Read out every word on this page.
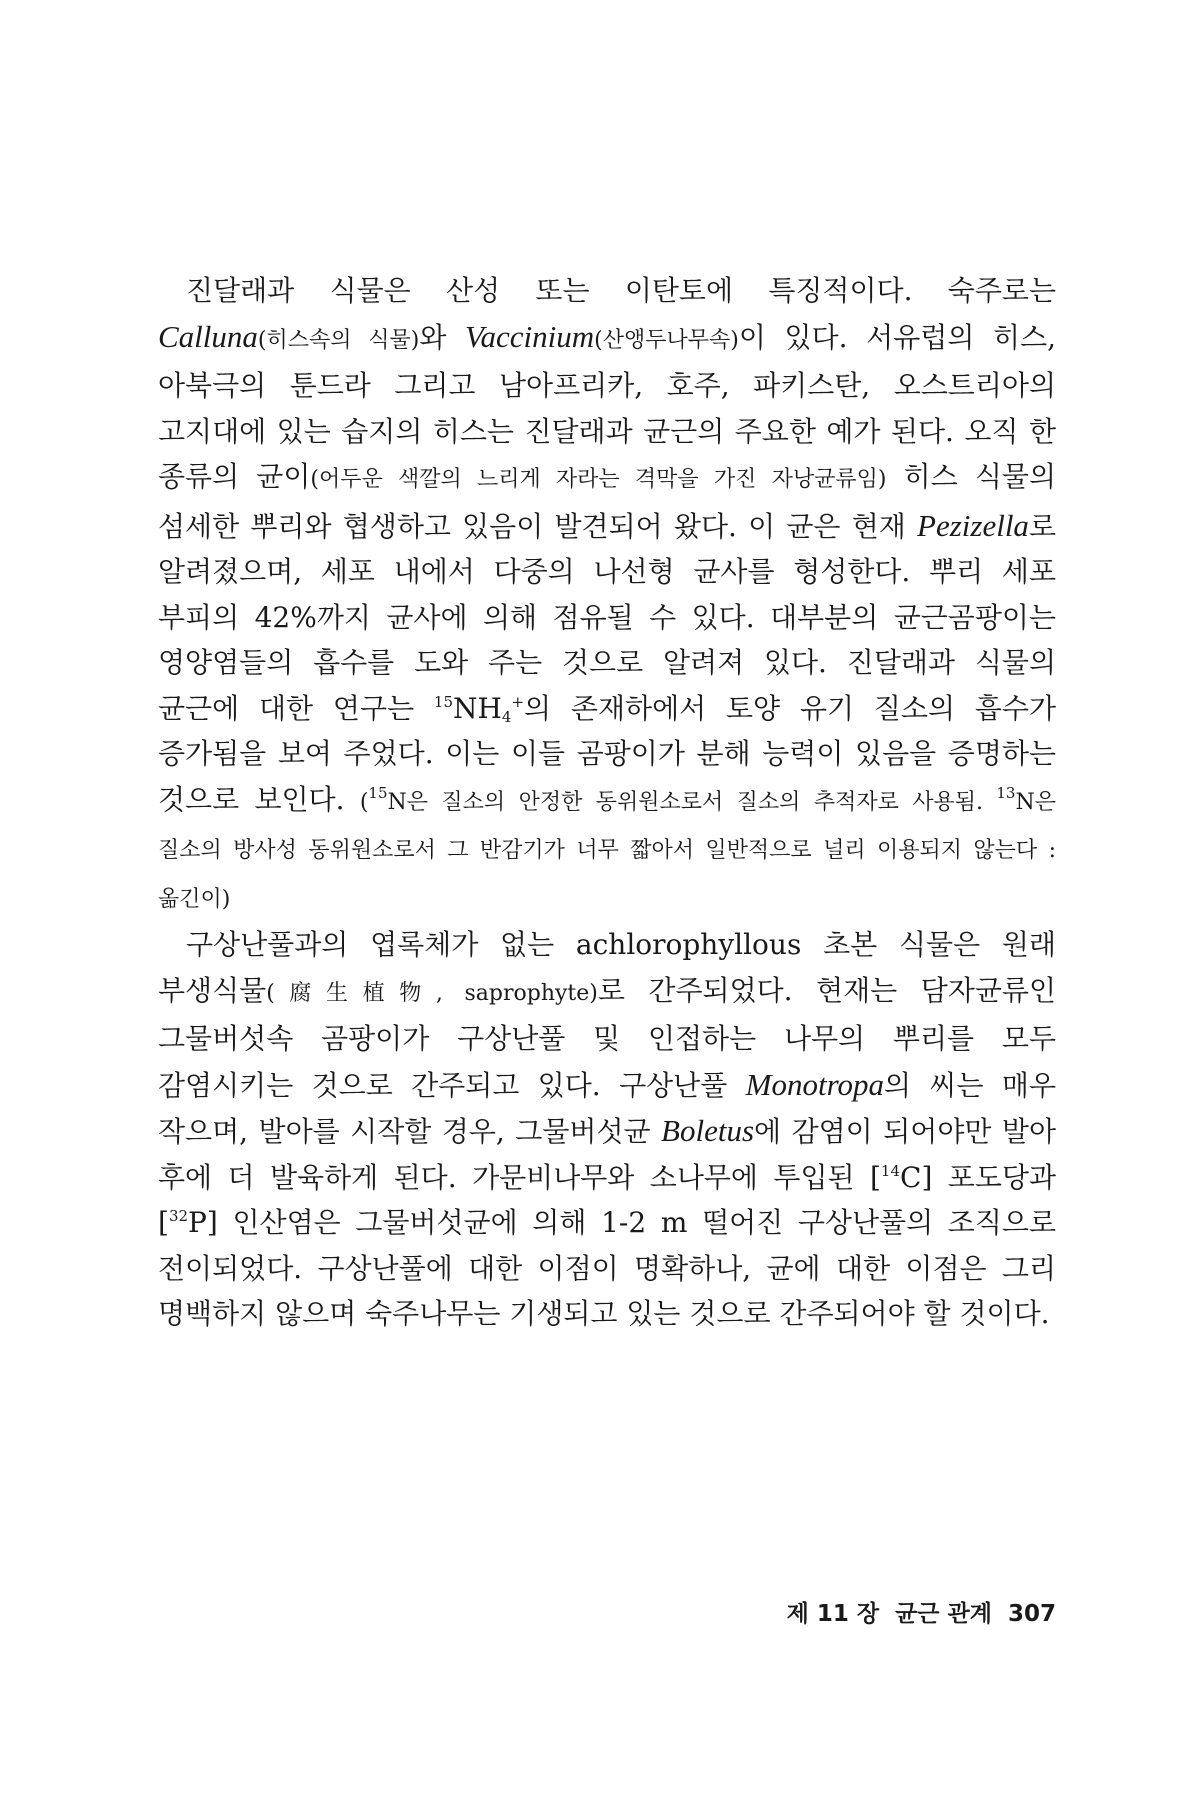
진달래과 식물은 산성 또는 이탄토에 특징적이다. 숙주로는 Calluna(히스속의 식물)와 Vaccinium(산앵두나무속)이 있다. 서유럽의 히스, 아북극의 툰드라 그리고 남아프리카, 호주, 파키스탄, 오스트리아의 고지대에 있는 습지의 히스는 진달래과 균근의 주요한 예가 된다. 오직 한 종류의 균이(어두운 색깔의 느리게 자라는 격막을 가진 자낭균류임) 히스 식물의 섬세한 뿌리와 협생하고 있음이 발견되어 왔다. 이 균은 현재 Pezizella로 알려졌으며, 세포 내에서 다중의 나선형 균사를 형성한다. 뿌리 세포 부피의 42%까지 균사에 의해 점유될 수 있다. 대부분의 균근곰팡이는 영양염들의 흡수를 도와 주는 것으로 알려져 있다. 진달래과 식물의 균근에 대한 연구는 $^{15}NH_4^+$의 존재하에서 토양 유기 질소의 흡수가 증가됨을 보여 주었다. 이는 이들 곰팡이가 분해 능력이 있음을 증명하는 것으로 보인다. ($^{15}$N은 질소의 안정한 동위원소로서 질소의 추적자로 사용됨. $^{13}$N은 질소의 방사성 동위원소로서 그 반감기가 너무 짧아서 일반적으로 널리 이용되지 않는다 : 옮긴이)

구상난풀과의 엽록체가 없는 achlorophyllous 초본 식물은 원래 부생식물(腐生植物, saprophyte)로 간주되었다. 현재는 담자균류인 그물버섯속 곰팡이가 구상난풀 및 인접하는 나무의 뿌리를 모두 감염시키는 것으로 간주되고 있다. 구상난풀 Monotropa의 씨는 매우 작으며, 발아를 시작할 경우, 그물버섯균 Boletus에 감염이 되어야만 발아 후에 더 발육하게 된다. 가문비나무와 소나무에 투입된 [$^{14}$C] 포도당과 [$^{32}$P] 인산염은 그물버섯균에 의해 1-2 m 떨어진 구상난풀의 조직으로 전이되었다. 구상난풀에 대한 이점이 명확하나, 균에 대한 이점은 그리 명백하지 않으며 숙주나무는 기생되고 있는 것으로 간주되어야 할 것이다.

제 11 장 균근 관계 307
